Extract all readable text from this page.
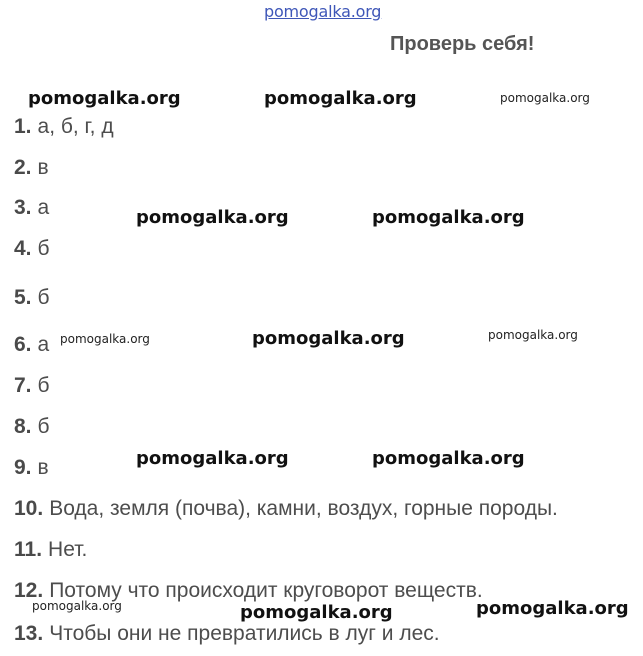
pomogalka.org
Проверь себя!
pomogalka.org	pomogalka.org	pomogalka.org
pomogalka.org	pomogalka.org
pomogalka.org	pomogalka.org	pomogalka.org
pomogalka.org	pomogalka.org
pomogalka.org	pomogalka.org	pomogalka.org
1. а, б, г, д
2. в
3. а
4. б
5. б
6. а
7. б
8. б
9. в
10. Вода, земля (почва), камни, воздух, горные породы.
11. Нет.
12. Потому что происходит круговорот веществ.
13. Чтобы они не превратились в луг и лес.
